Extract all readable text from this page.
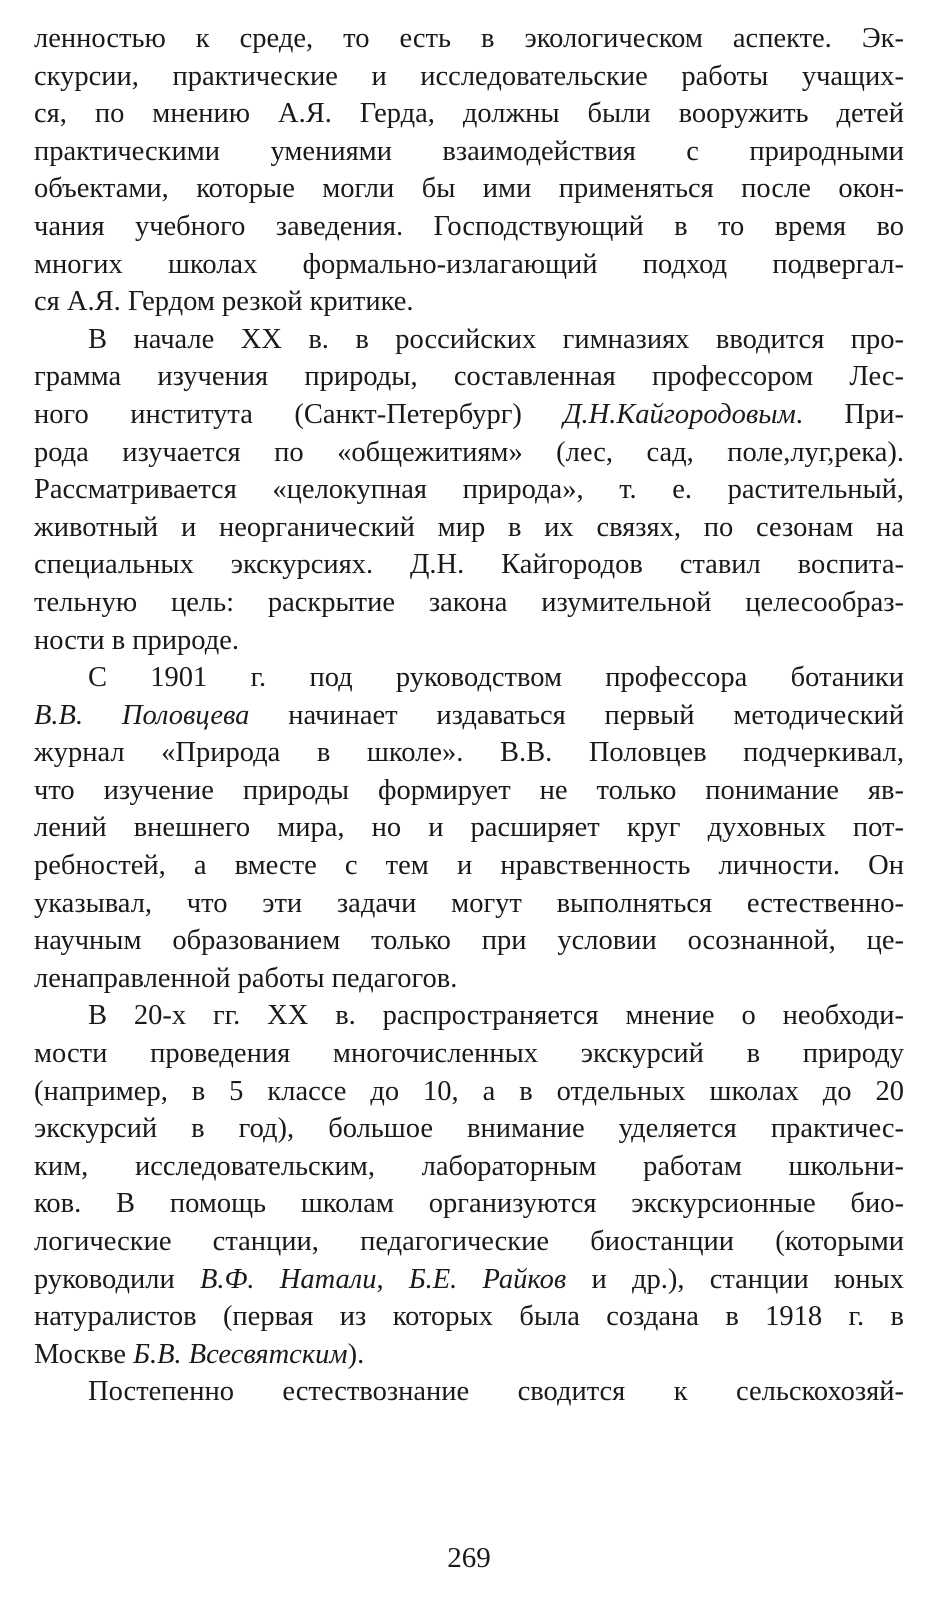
ленностью к среде, то есть в экологическом аспекте. Эк-
скурсии, практические и исследовательские работы учащих-
ся, по мнению А.Я. Герда, должны были вооружить детей
практическими умениями взаимодействия с природными
объектами, которые могли бы ими применяться после окон-
чания учебного заведения. Господствующий в то время во
многих школах формально-излагающий подход подвергал-
ся А.Я. Гердом резкой критике.
В начале XX в. в российских гимназиях вводится про-
грамма изучения природы, составленная профессором Лес-
ного института (Санкт-Петербург) Д.Н.Кайгородовым. При-
рода изучается по «общежитиям» (лес, сад, поле,луг,река).
Рассматривается «целокупная природа», т. е. растительный,
животный и неорганический мир в их связях, по сезонам на
специальных экскурсиях. Д.Н. Кайгородов ставил воспита-
тельную цель: раскрытие закона изумительной целесообраз-
ности в природе.
С 1901 г. под руководством профессора ботаники
В.В. Половцева начинает издаваться первый методический
журнал «Природа в школе». В.В. Половцев подчеркивал,
что изучение природы формирует не только понимание яв-
лений внешнего мира, но и расширяет круг духовных пот-
ребностей, а вместе с тем и нравственность личности. Он
указывал, что эти задачи могут выполняться естественно-
научным образованием только при условии осознанной, це-
ленаправленной работы педагогов.
В 20-х гг. XX в. распространяется мнение о необходи-
мости проведения многочисленных экскурсий в природу
(например, в 5 классе до 10, а в отдельных школах до 20
экскурсий в год), большое внимание уделяется практичес-
ким, исследовательским, лабораторным работам школьни-
ков. В помощь школам организуются экскурсионные био-
логические станции, педагогические биостанции (которыми
руководили В.Ф. Натали, Б.Е. Райков и др.), станции юных
натуралистов (первая из которых была создана в 1918 г. в
Москве Б.В. Всесвятским).
Постепенно естествознание сводится к сельскохозяй-
269
